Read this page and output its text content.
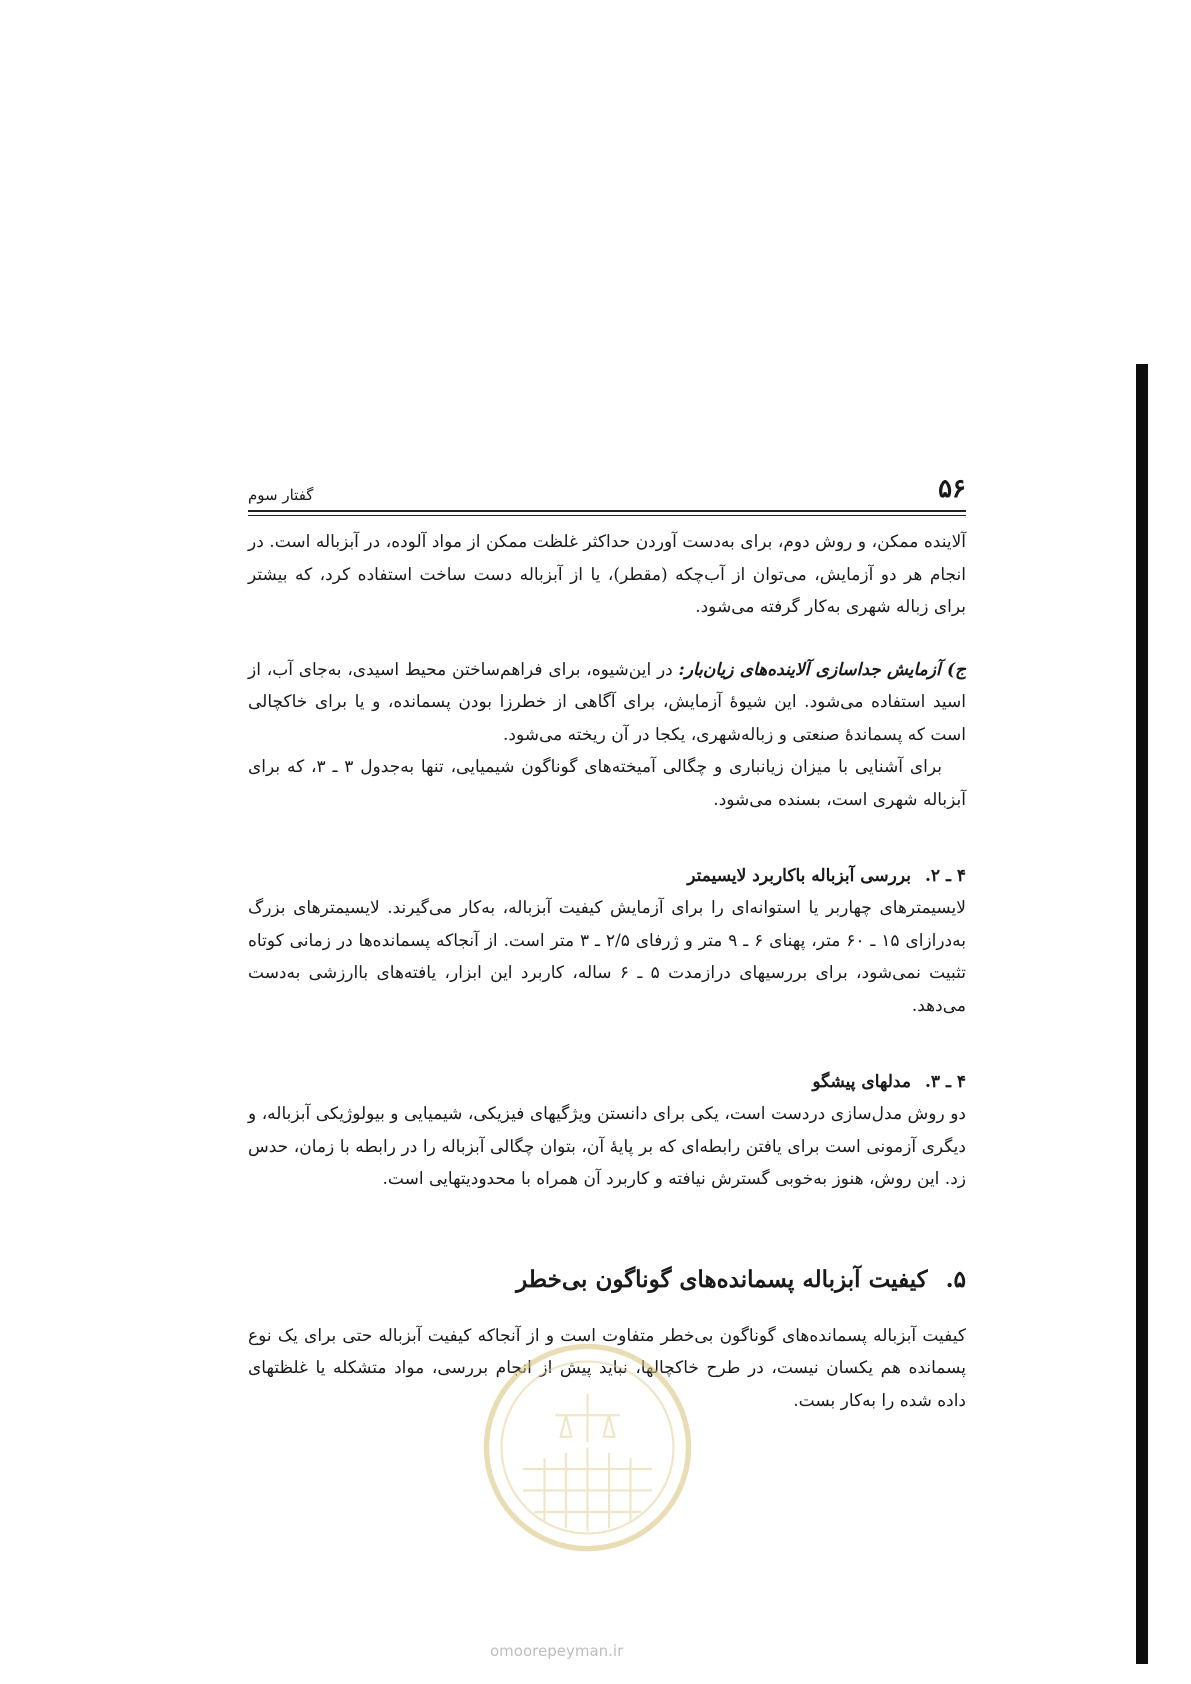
۵۶
گفتار سوم

آلاینده ممکن، و روش دوم، برای به‌دست آوردن حداکثر غلظت ممکن از مواد آلوده، در آبزباله است. در انجام هر دو آزمایش، می‌توان از آب‌چکه (مقطر)، یا از آبزباله دست ساخت استفاده کرد، که بیشتر برای زباله شهری به‌کار گرفته می‌شود.

ج) آزمایش جداسازی آلاینده‌های زیان‌بار: در این‌شیوه، برای فراهم‌ساختن محیط اسیدی، به‌جای آب، از اسید استفاده می‌شود. این شیوهٔ آزمایش، برای آگاهی از خطرزا بودن پسمانده، و یا برای خاکچالی است که پسماندهٔ صنعتی و زباله‌شهری، یکجا در آن ریخته می‌شود.

برای آشنایی با میزان زیانباری و چگالی آمیخته‌های گوناگون شیمیایی، تنها به‌جدول ۳ ـ ۳، که برای آبزباله شهری است، بسنده می‌شود.

۴ ـ ۲.
بررسی آبزباله باکاربرد لایسیمتر

لایسیمترهای چهاربر یا استوانه‌ای را برای آزمایش کیفیت آبزباله، به‌کار می‌گیرند. لایسیمترهای بزرگ به‌درازای ۱۵ ـ ۶۰ متر، پهنای ۶ ـ ۹ متر و ژرفای ۲/۵ ـ ۳ متر است. از آنجاکه پسمانده‌ها در زمانی کوتاه تثبیت نمی‌شود، برای بررسیهای درازمدت ۵ ـ ۶ ساله، کاربرد این ابزار، یافته‌های باارزشی به‌دست می‌دهد.

۴ ـ ۳.
مدلهای پیشگو

دو روش مدل‌سازی دردست است، یکی برای دانستن ویژگیهای فیزیکی، شیمیایی و بیولوژیکی آبزباله، و دیگری آزمونی است برای یافتن رابطه‌ای که بر پایهٔ آن، بتوان چگالی آبزباله را در رابطه با زمان، حدس زد. این روش، هنوز به‌خوبی گسترش نیافته و کاربرد آن همراه با محدودیتهایی است.

۵.
کیفیت آبزباله پسمانده‌های گوناگون بی‌خطر

کیفیت آبزباله پسمانده‌های گوناگون بی‌خطر متفاوت است و از آنجاکه کیفیت آبزباله حتی برای یک نوع پسمانده هم یکسان نیست، در طرح خاکچالها، نباید پیش از انجام بررسی، مواد متشکله یا غلظتهای داده شده را به‌کار بست.

omoorepeyman.ir
